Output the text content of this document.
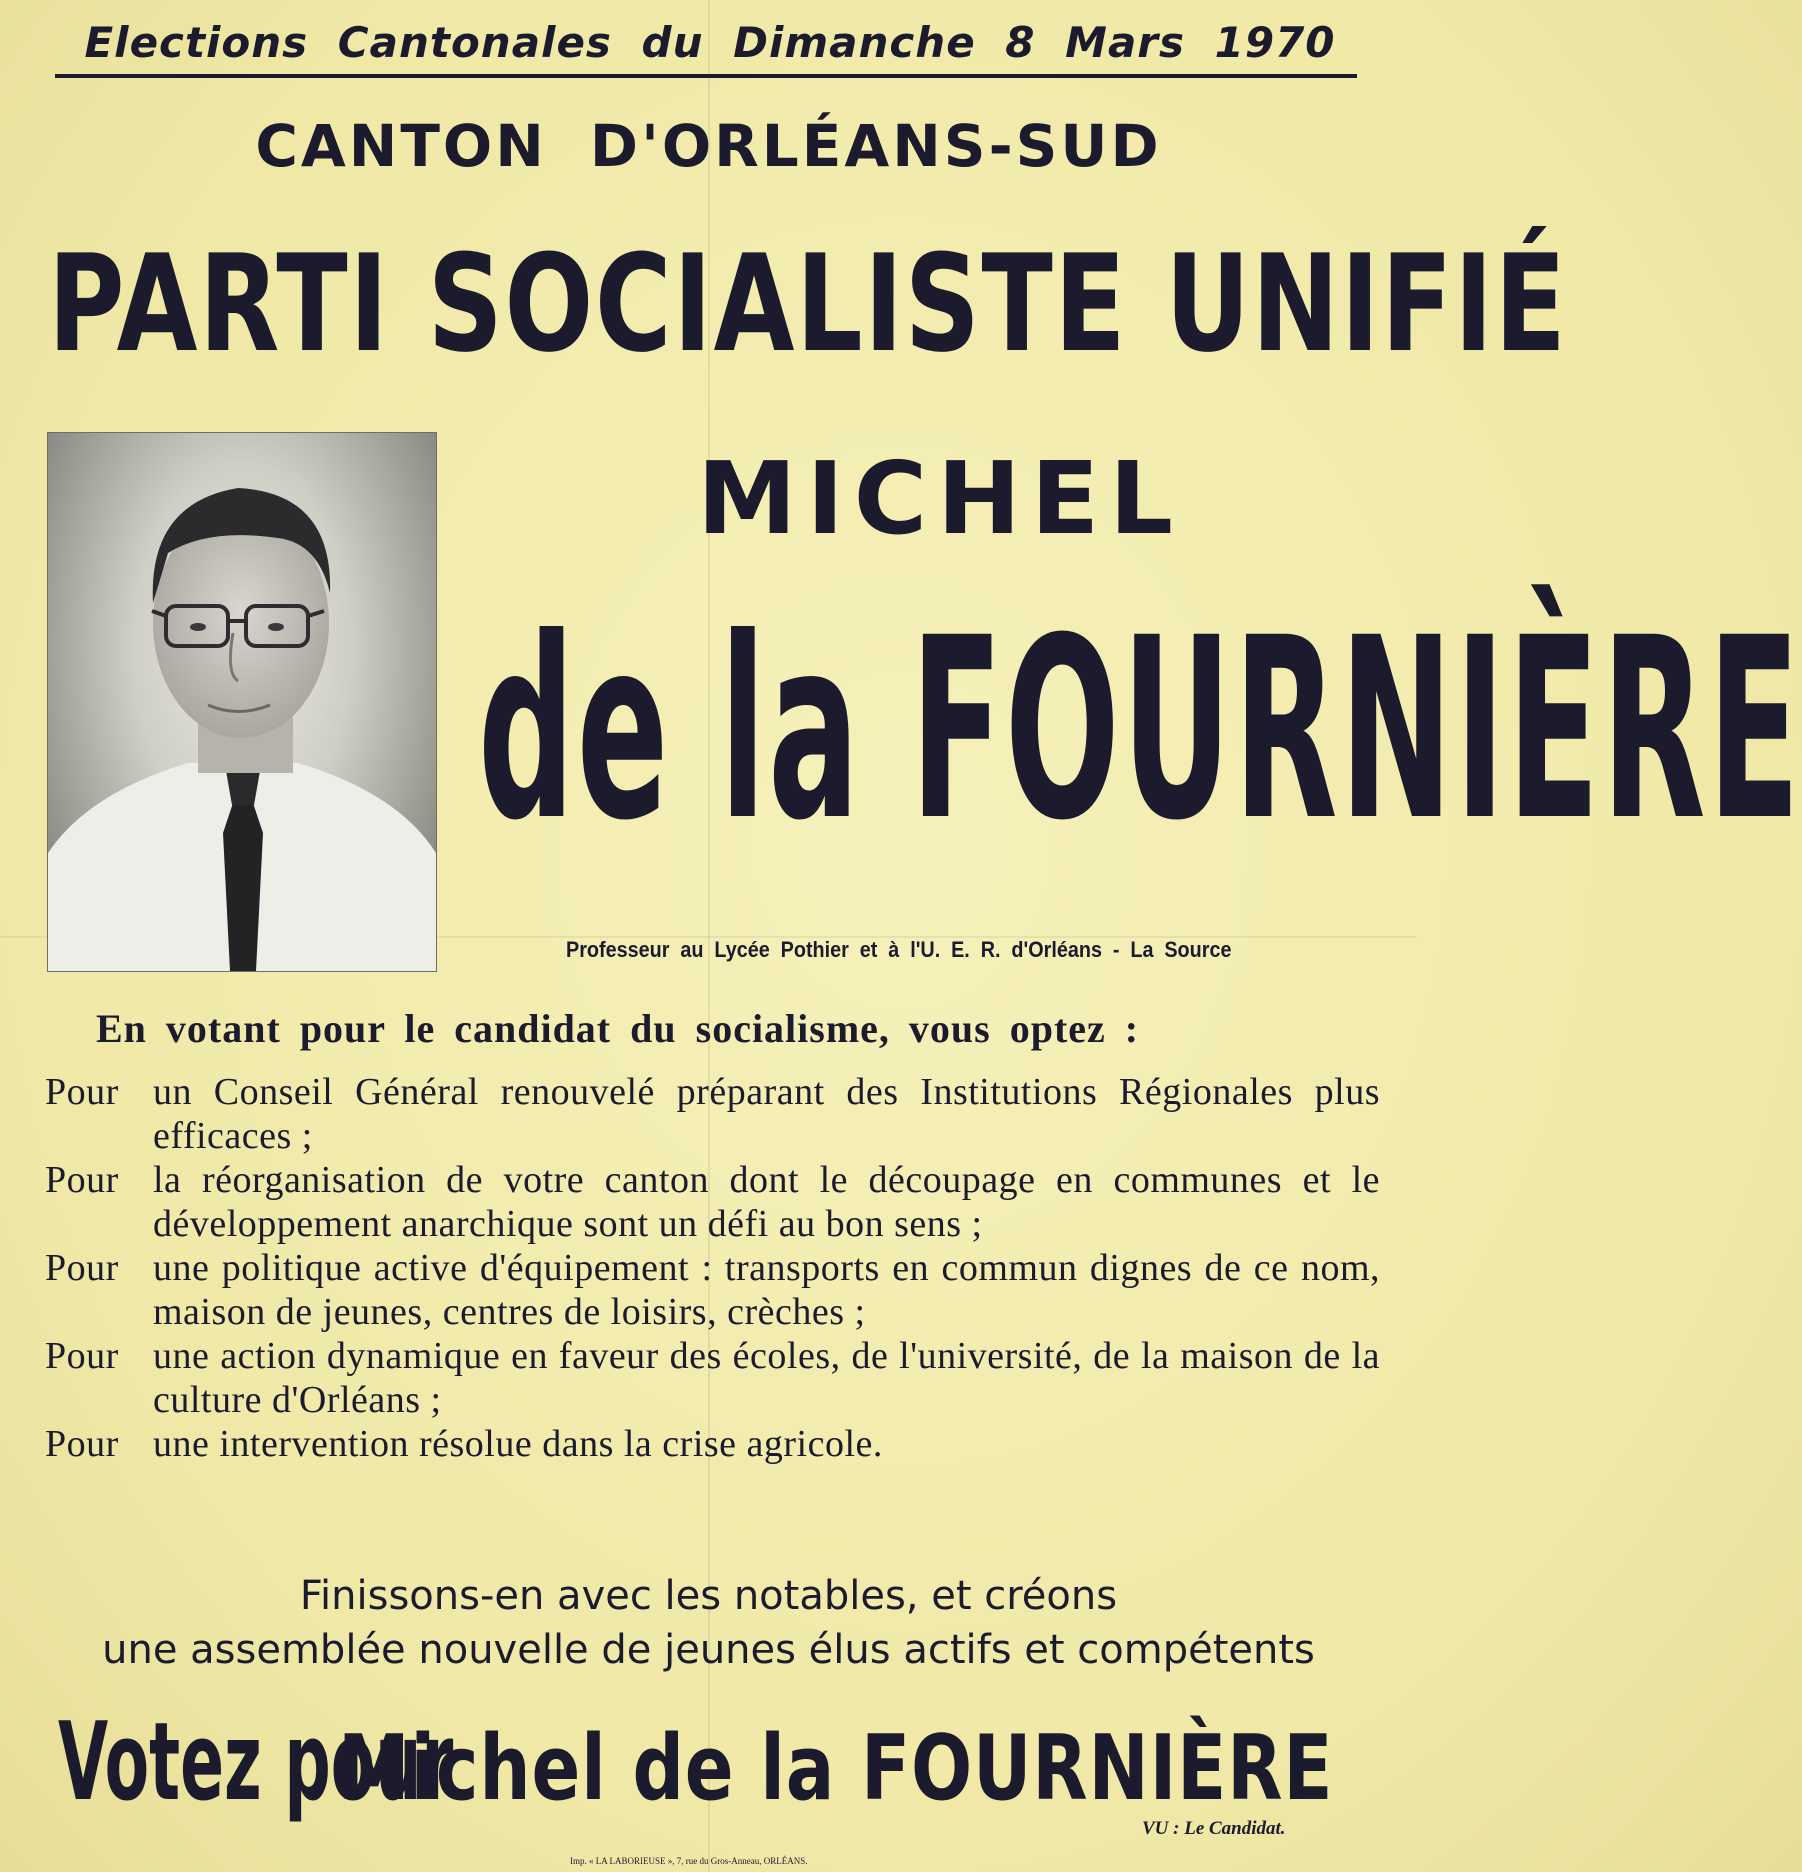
Elections Cantonales du Dimanche 8 Mars 1970
CANTON D'ORLÉANS-SUD
PARTI SOCIALISTE UNIFIÉ
MICHEL
de la FOURNIÈRE
Professeur au Lycée Pothier et à l'U. E. R. d'Orléans - La Source
En votant pour le candidat du socialisme, vous optez :

Pour un Conseil Général renouvelé préparant des Institutions Régionales plus efficaces ;

Pour la réorganisation de votre canton dont le découpage en communes et le développement anarchique sont un défi au bon sens ;

Pour une politique active d'équipement : transports en commun dignes de ce nom, maison de jeunes, centres de loisirs, crèches ;

Pour une action dynamique en faveur des écoles, de l'université, de la maison de la culture d'Orléans ;

Pour une intervention résolue dans la crise agricole.

Finissons-en avec les notables, et créons
une assemblée nouvelle de jeunes élus actifs et compétents
Votez pourMichel de la FOURNIÈRE
VU : Le Candidat.
Imp. « LA LABORIEUSE », 7, rue du Gros-Anneau, ORLÉANS.
